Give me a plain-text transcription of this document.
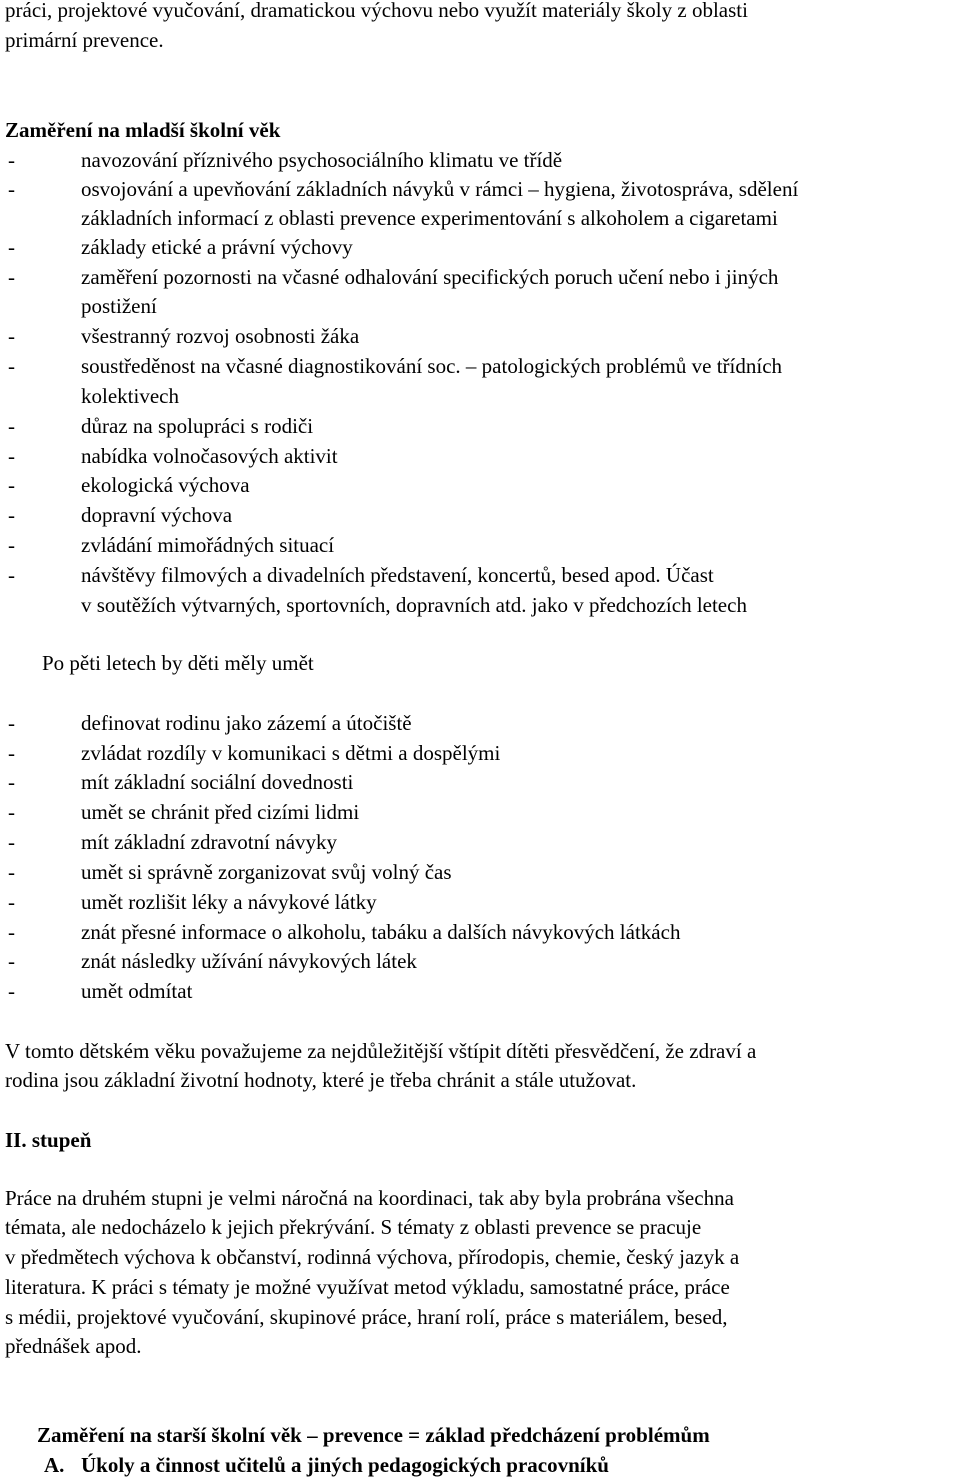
práci, projektové vyučování, dramatickou výchovu nebo využít materiály školy z oblasti
primární prevence.
Zaměření na mladší školní věk
-	navozování příznivého psychosociálního klimatu ve třídě
-	osvojování a upevňování základních návyků v rámci – hygiena, životospráva, sdělení
základních informací z oblasti prevence experimentování s alkoholem a cigaretami
-	základy etické a právní výchovy
-	zaměření pozornosti na včasné odhalování specifických poruch učení nebo i jiných
postižení
-	všestranný rozvoj osobnosti žáka
-	soustředěnost na včasné diagnostikování soc. – patologických problémů ve třídních
kolektivech
-	důraz na spolupráci s rodiči
-	nabídka volnočasových aktivit
-	ekologická výchova
-	dopravní výchova
-	zvládání mimořádných situací
-	návštěvy filmových a divadelních představení, koncertů, besed apod. Účast
v soutěžích výtvarných, sportovních, dopravních atd. jako v předchozích letech
Po pěti letech by děti měly umět
-	definovat rodinu jako zázemí a útočiště
-	zvládat rozdíly v komunikaci s dětmi a dospělými
-	mít základní sociální dovednosti
-	umět se chránit před cizími lidmi
-	mít základní zdravotní návyky
-	umět si správně zorganizovat svůj volný čas
-	umět rozlišit léky a návykové látky
-	znát přesné informace o alkoholu, tabáku a dalších návykových látkách
-	znát následky užívání návykových látek
-	umět odmítat
V tomto dětském věku považujeme za nejdůležitější vštípit dítěti přesvědčení, že zdraví a
rodina jsou základní životní hodnoty, které je třeba chránit a stále utužovat.
II. stupeň
Práce na druhém stupni je velmi náročná na koordinaci, tak aby byla probrána všechna
témata, ale nedocházelo k jejich překrývání. S tématy z oblasti prevence se pracuje
v předmětech výchova k občanství, rodinná výchova, přírodopis, chemie, český jazyk a
literatura. K práci s tématy je možné využívat metod výkladu, samostatné práce, práce
s médii, projektové vyučování, skupinové práce, hraní rolí, práce s materiálem, besed,
přednášek apod.
Zaměření na starší školní věk – prevence = základ předcházení problémům
A. Úkoly a činnost učitelů a jiných pedagogických pracovníků
